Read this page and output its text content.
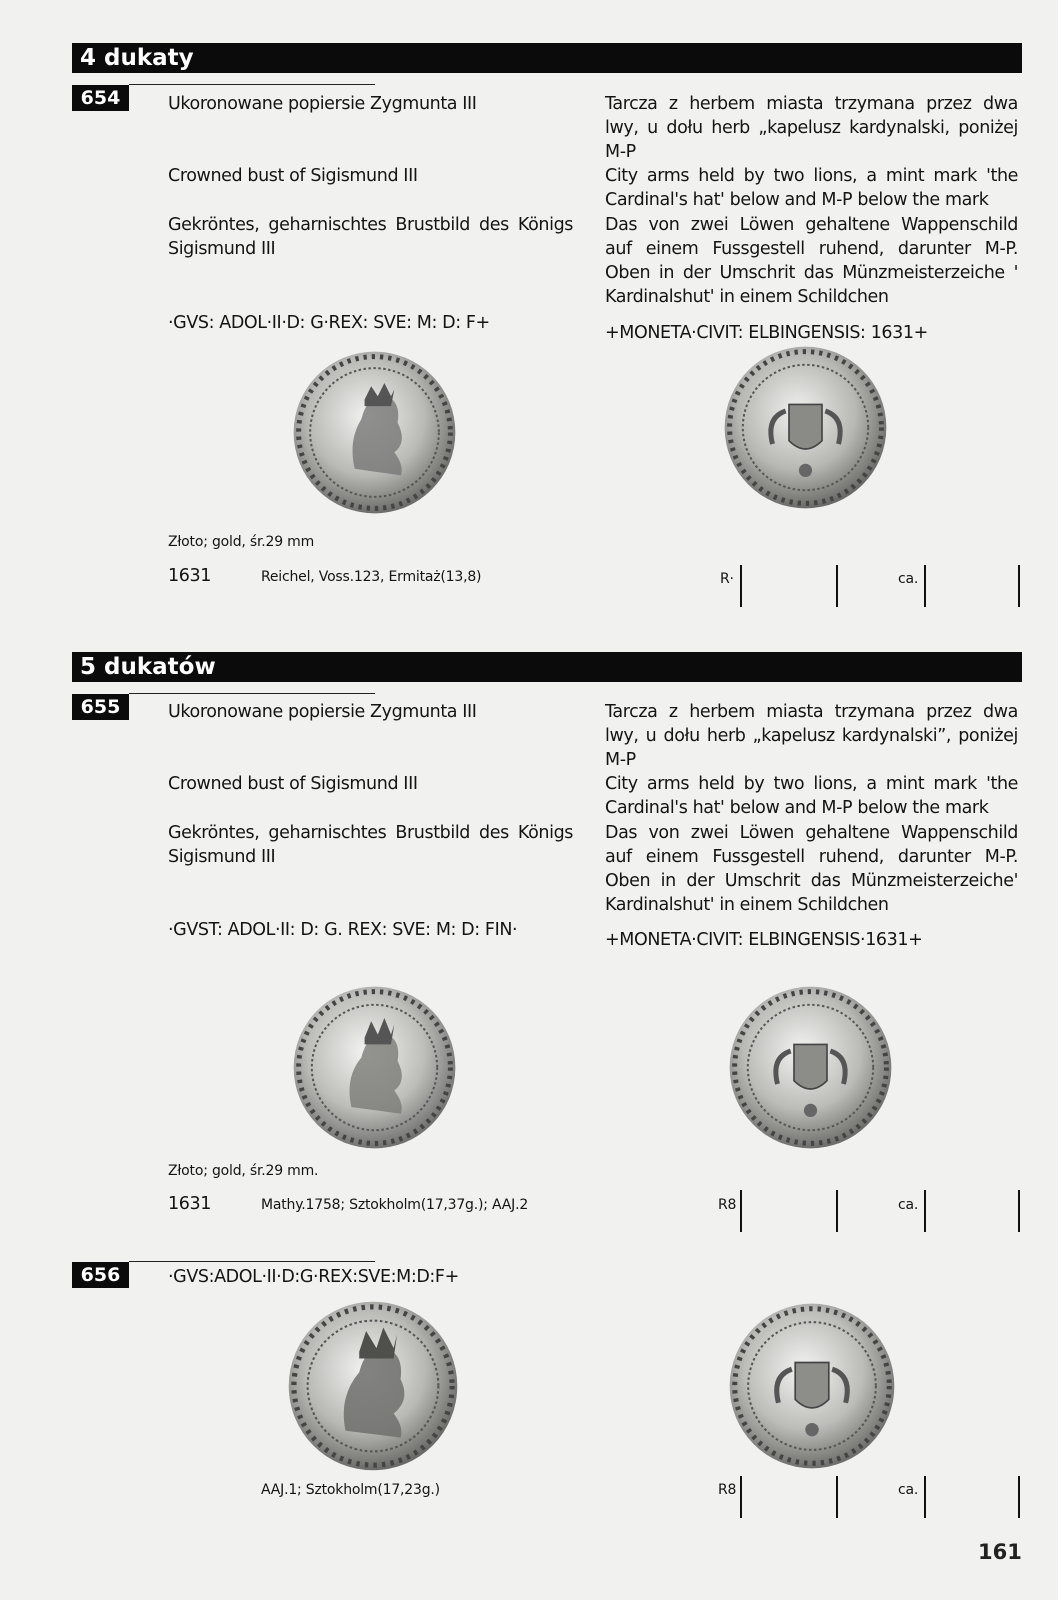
4 dukaty
654	Ukoronowane popiersie Zygmunta III
Crowned bust of Sigismund III
Gekröntes, geharnischtes Brustbild des Königs Sigismund III
·GVS: ADOL·II·D: G·REX: SVE: M: D: F+
Tarcza z herbem miasta trzymana przez dwa lwy, u dołu herb „kapelusz kardynalski, poniżej M-P
City arms held by two lions, a mint mark 'the Cardinal's hat' below and M-P below the mark
Das von zwei Löwen gehaltene Wappenschild auf einem Fussgestell ruhend, darunter M-P. Oben in der Umschrit das Münzmeisterzeiche ' Kardinalshut' in einem Schildchen
+MONETA·CIVIT: ELBINGENSIS: 1631+
Złoto; gold, śr.29 mm
1631	Reichel, Voss.123, Ermitaż(13,8)	R·	ca.
5 dukatów
655	Ukoronowane popiersie Zygmunta III
Crowned bust of Sigismund III
Gekröntes, geharnischtes Brustbild des Königs Sigismund III
·GVST: ADOL·II: D: G. REX: SVE: M: D: FIN·
Tarcza z herbem miasta trzymana przez dwa lwy, u dołu herb „kapelusz kardynalski”, poniżej M-P
City arms held by two lions, a mint mark 'the Cardinal's hat' below and M-P below the mark
Das von zwei Löwen gehaltene Wappenschild auf einem Fussgestell ruhend, darunter M-P. Oben in der Umschrit das Münzmeisterzeiche' Kardinalshut' in einem Schildchen
+MONETA·CIVIT: ELBINGENSIS·1631+
Złoto; gold, śr.29 mm.
1631	Mathy.1758; Sztokholm(17,37g.); AAJ.2	R8	ca.
656	·GVS:ADOL·II·D:G·REX:SVE:M:D:F+
AAJ.1; Sztokholm(17,23g.)	R8	ca.
161
